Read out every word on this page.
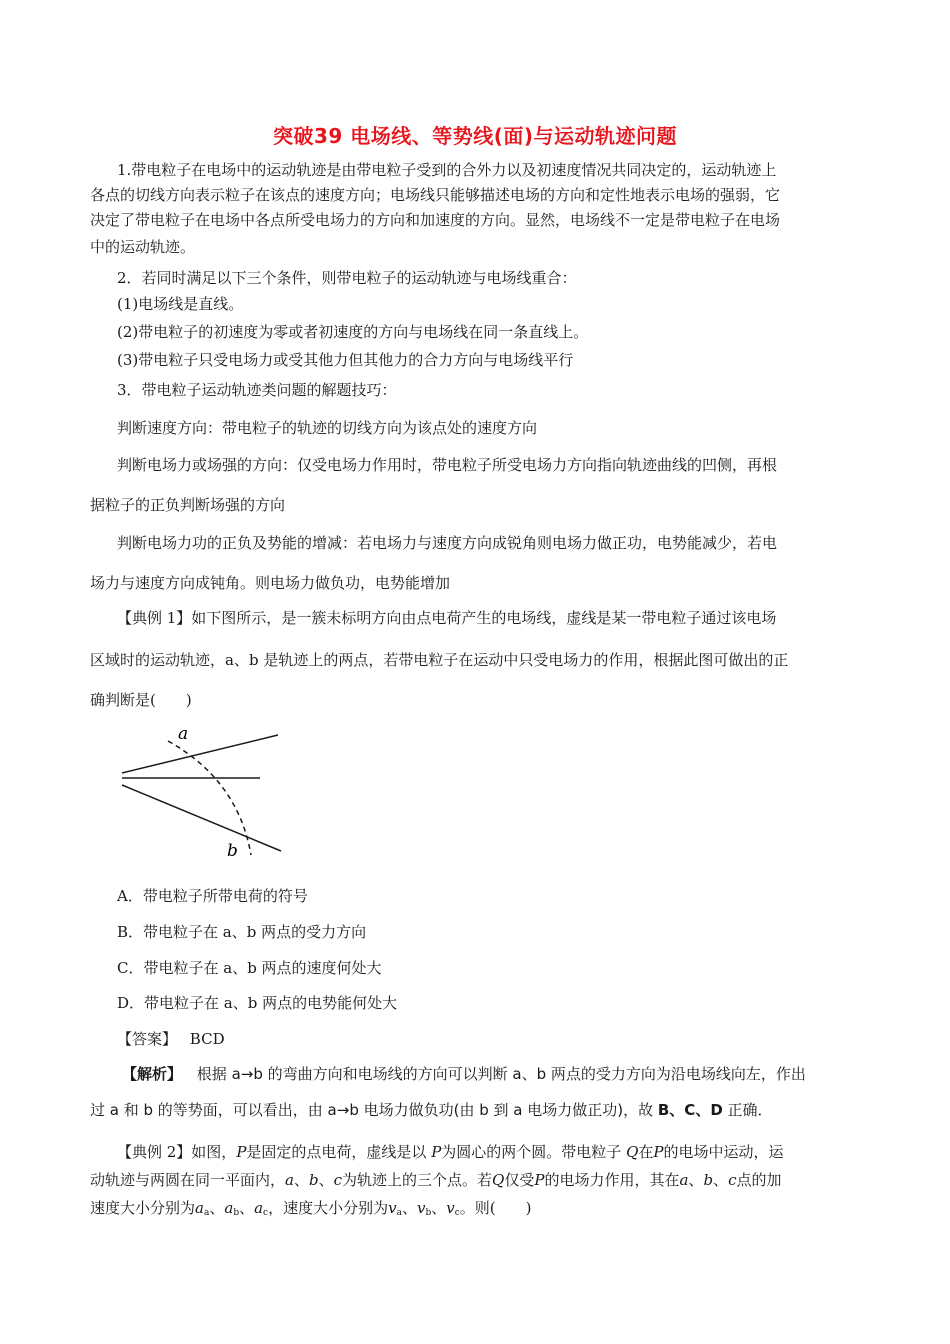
突破39 电场线、等势线(面)与运动轨迹问题
1.带电粒子在电场中的运动轨迹是由带电粒子受到的合外力以及初速度情况共同决定的，运动轨迹上
各点的切线方向表示粒子在该点的速度方向；电场线只能够描述电场的方向和定性地表示电场的强弱，它
决定了带电粒子在电场中各点所受电场力的方向和加速度的方向。显然，电场线不一定是带电粒子在电场
中的运动轨迹。
2．若同时满足以下三个条件，则带电粒子的运动轨迹与电场线重合：
(1)电场线是直线。
(2)带电粒子的初速度为零或者初速度的方向与电场线在同一条直线上。
(3)带电粒子只受电场力或受其他力但其他力的合力方向与电场线平行
3．带电粒子运动轨迹类问题的解题技巧：
判断速度方向：带电粒子的轨迹的切线方向为该点处的速度方向
判断电场力或场强的方向：仅受电场力作用时，带电粒子所受电场力方向指向轨迹曲线的凹侧，再根
据粒子的正负判断场强的方向
判断电场力功的正负及势能的增减：若电场力与速度方向成锐角则电场力做正功，电势能减少，若电
场力与速度方向成钝角。则电场力做负功，电势能增加
【典例 1】如下图所示，是一簇未标明方向由点电荷产生的电场线，虚线是某一带电粒子通过该电场
区域时的运动轨迹，a、b 是轨迹上的两点，若带电粒子在运动中只受电场力的作用，根据此图可做出的正
确判断是(　　)
a
b
A．带电粒子所带电荷的符号
B．带电粒子在 a、b 两点的受力方向
C．带电粒子在 a、b 两点的速度何处大
D．带电粒子在 a、b 两点的电势能何处大
【答案】 BCD
【解析】 根据 a→b 的弯曲方向和电场线的方向可以判断 a、b 两点的受力方向为沿电场线向左，作出
过 a 和 b 的等势面，可以看出，由 a→b 电场力做负功(由 b 到 a 电场力做正功)，故 B、C、D 正确．
【典例 2】如图，P是固定的点电荷，虚线是以 P为圆心的两个圆。带电粒子 Q在P的电场中运动，运
动轨迹与两圆在同一平面内，a、b、c为轨迹上的三个点。若Q仅受P的电场力作用，其在a、b、c点的加
速度大小分别为$a_a$、$a_b$、$a_c$，速度大小分别为$v_a$、$v_b$、$v_c$。则(　　)
